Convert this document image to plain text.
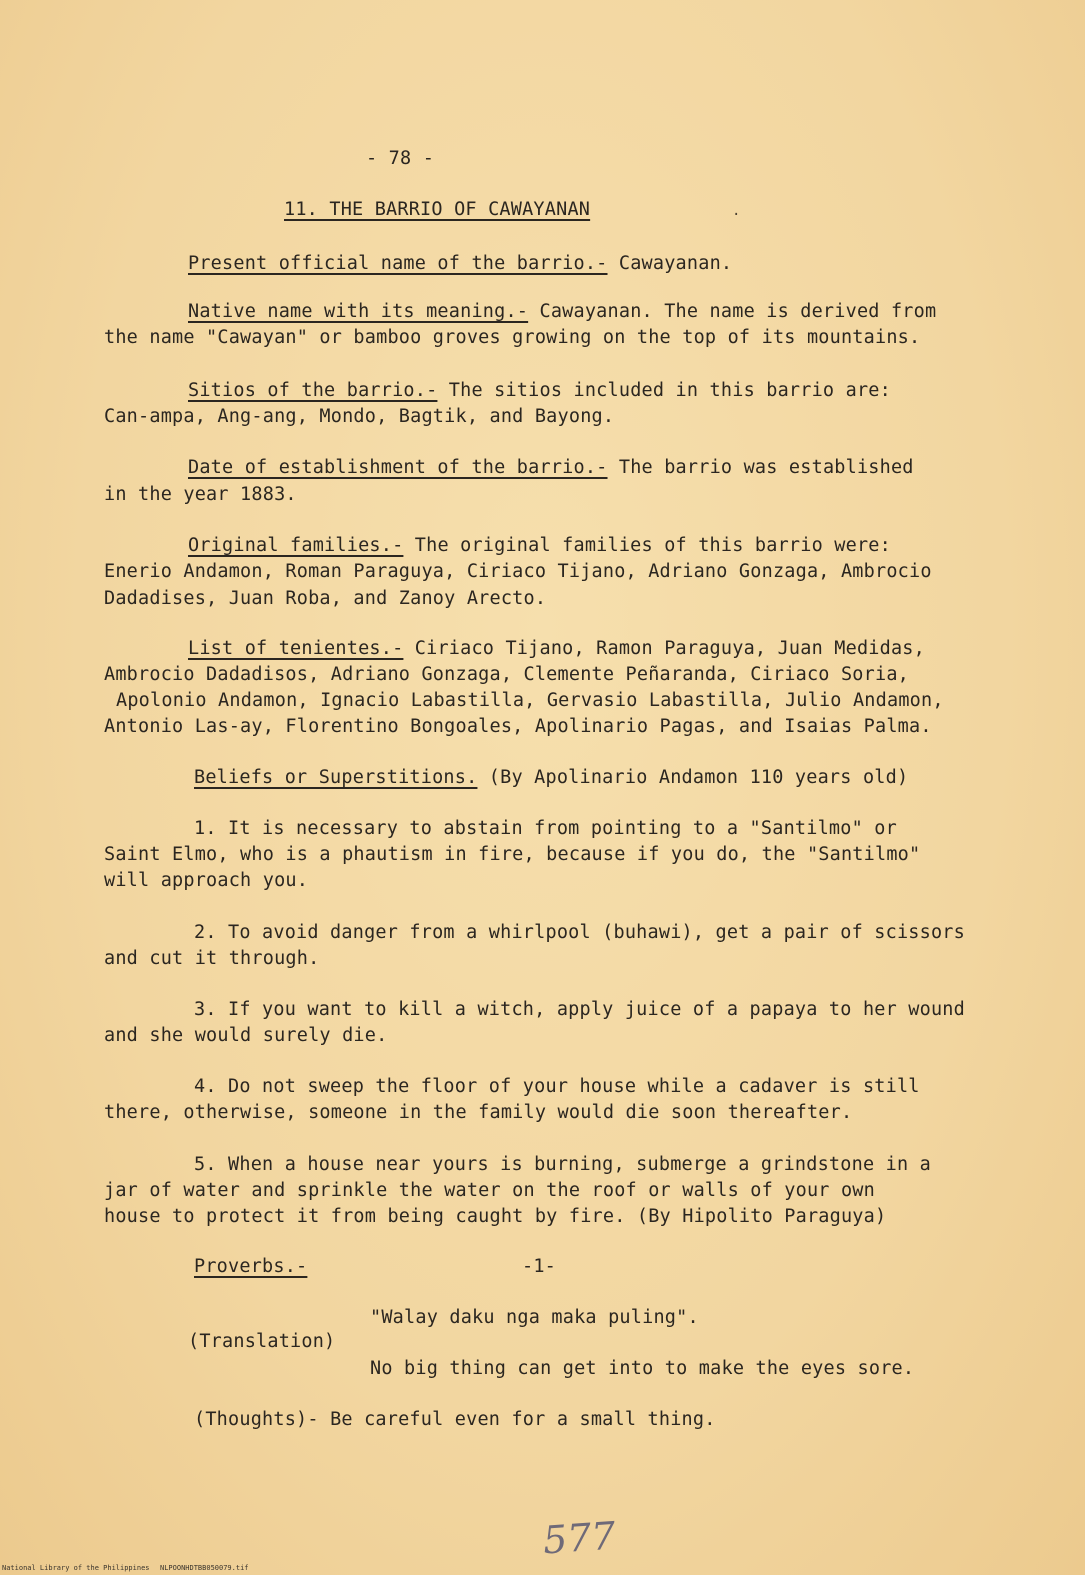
- 78 -
11. THE BARRIO OF CAWAYANAN	.
Present official name of the barrio.- Cawayanan.
Native name with its meaning.- Cawayanan. The name is derived from
the name "Cawayan" or bamboo groves growing on the top of its mountains.
Sitios of the barrio.- The sitios included in this barrio are:
Can-ampa, Ang-ang, Mondo, Bagtik, and Bayong.
Date of establishment of the barrio.- The barrio was established
in the year 1883.
Original families.- The original families of this barrio were:
Enerio Andamon, Roman Paraguya, Ciriaco Tijano, Adriano Gonzaga, Ambrocio
Dadadises, Juan Roba, and Zanoy Arecto.
List of tenientes.- Ciriaco Tijano, Ramon Paraguya, Juan Medidas,
Ambrocio Dadadisos, Adriano Gonzaga, Clemente Peñaranda, Ciriaco Soria,
Apolonio Andamon, Ignacio Labastilla, Gervasio Labastilla, Julio Andamon,
Antonio Las-ay, Florentino Bongoales, Apolinario Pagas, and Isaias Palma.
Beliefs or Superstitions. (By Apolinario Andamon 110 years old)
1. It is necessary to abstain from pointing to a "Santilmo" or
Saint Elmo, who is a phautism in fire, because if you do, the "Santilmo"
will approach you.
2. To avoid danger from a whirlpool (buhawi), get a pair of scissors
and cut it through.
3. If you want to kill a witch, apply juice of a papaya to her wound
and she would surely die.
4. Do not sweep the floor of your house while a cadaver is still
there, otherwise, someone in the family would die soon thereafter.
5. When a house near yours is burning, submerge a grindstone in a
jar of water and sprinkle the water on the roof or walls of your own
house to protect it from being caught by fire. (By Hipolito Paraguya)
Proverbs.-	-1-
"Walay daku nga maka puling".
(Translation)
No big thing can get into to make the eyes sore.
(Thoughts)- Be careful even for a small thing.
577
National Library of the Philippines NLPOONHDTBB050079.tif
